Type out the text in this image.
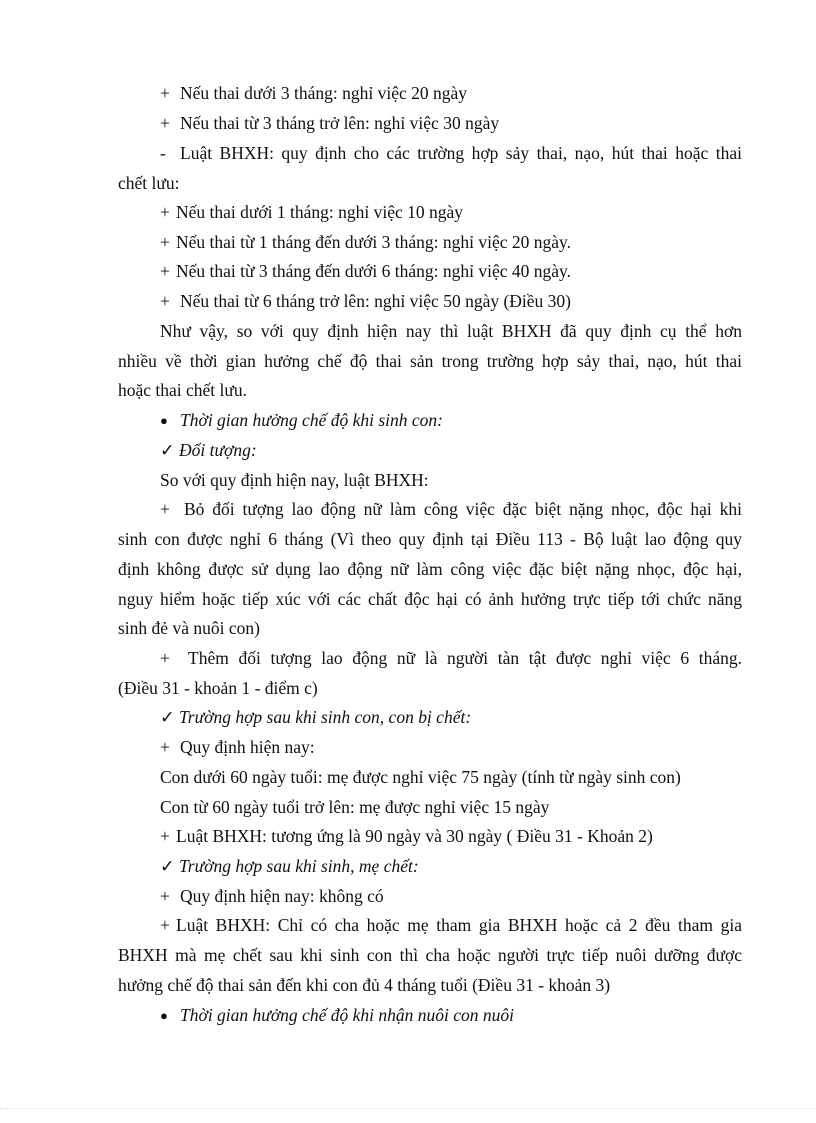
+ Nếu thai dưới 3 tháng: nghỉ việc 20 ngày
+ Nếu thai từ 3 tháng trở lên: nghỉ việc 30 ngày
- Luật BHXH: quy định cho các trường hợp sảy thai, nạo, hút thai hoặc thai
chết lưu:
+ Nếu thai dưới 1 tháng: nghỉ việc 10 ngày
+ Nếu thai từ 1 tháng đến dưới 3 tháng: nghỉ việc 20 ngày.
+ Nếu thai từ 3 tháng đến dưới 6 tháng: nghỉ việc 40 ngày.
+ Nếu thai từ 6 tháng trở lên: nghỉ việc 50 ngày (Điều 30)
Như vậy, so với quy định hiện nay thì luật BHXH đã quy định cụ thể hơn
nhiều về thời gian hưởng chế độ thai sản trong trường hợp sảy thai, nạo, hút thai
hoặc thai chết lưu.
● Thời gian hưởng chế độ khi sinh con:
✓ Đối tượng:
So với quy định hiện nay, luật BHXH:
+ Bỏ đối tượng lao động nữ làm công việc đặc biệt nặng nhọc, độc hại khi
sinh con được nghỉ 6 tháng (Vì theo quy định tại Điều 113 - Bộ luật lao động quy
định không được sử dụng lao động nữ làm công việc đặc biệt nặng nhọc, độc hại,
nguy hiểm hoặc tiếp xúc với các chất độc hại có ảnh hưởng trực tiếp tới chức năng
sinh đẻ và nuôi con)
+ Thêm đối tượng lao động nữ là người tàn tật được nghỉ việc 6 tháng.
(Điều 31 - khoản 1 - điểm c)
✓ Trường hợp sau khi sinh con, con bị chết:
+ Quy định hiện nay:
Con dưới 60 ngày tuổi: mẹ được nghỉ việc 75 ngày (tính từ ngày sinh con)
Con từ 60 ngày tuổi trở lên: mẹ được nghỉ việc 15 ngày
+ Luật BHXH: tương ứng là 90 ngày và 30 ngày ( Điều 31 - Khoản 2)
✓ Trường hợp sau khi sinh, mẹ chết:
+ Quy định hiện nay: không có
+ Luật BHXH: Chỉ có cha hoặc mẹ tham gia BHXH hoặc cả 2 đều tham gia
BHXH mà mẹ chết sau khi sinh con thì cha hoặc người trực tiếp nuôi dưỡng được
hưởng chế độ thai sản đến khi con đủ 4 tháng tuổi (Điều 31 - khoản 3)
● Thời gian hưởng chế độ khi nhận nuôi con nuôi
